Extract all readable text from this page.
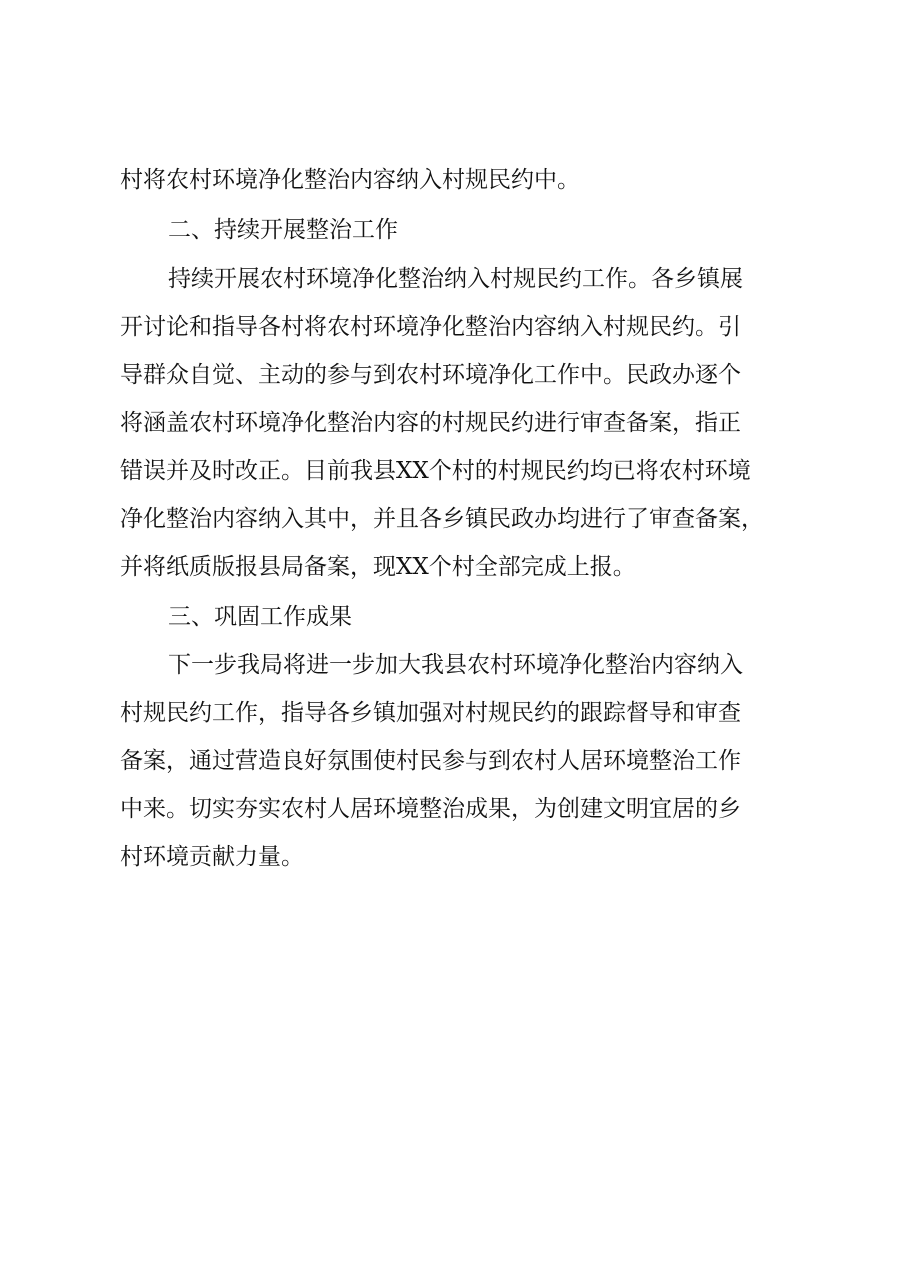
村将农村环境净化整治内容纳入村规民约中。
二、持续开展整治工作
持续开展农村环境净化整治纳入村规民约工作。各乡镇展
开讨论和指导各村将农村环境净化整治内容纳入村规民约。引
导群众自觉、主动的参与到农村环境净化工作中。民政办逐个
将涵盖农村环境净化整治内容的村规民约进行审查备案，指正
错误并及时改正。目前我县XX个村的村规民约均已将农村环境
净化整治内容纳入其中，并且各乡镇民政办均进行了审查备案，
并将纸质版报县局备案，现XX个村全部完成上报。
三、巩固工作成果
下一步我局将进一步加大我县农村环境净化整治内容纳入
村规民约工作，指导各乡镇加强对村规民约的跟踪督导和审查
备案，通过营造良好氛围使村民参与到农村人居环境整治工作
中来。切实夯实农村人居环境整治成果，为创建文明宜居的乡
村环境贡献力量。
